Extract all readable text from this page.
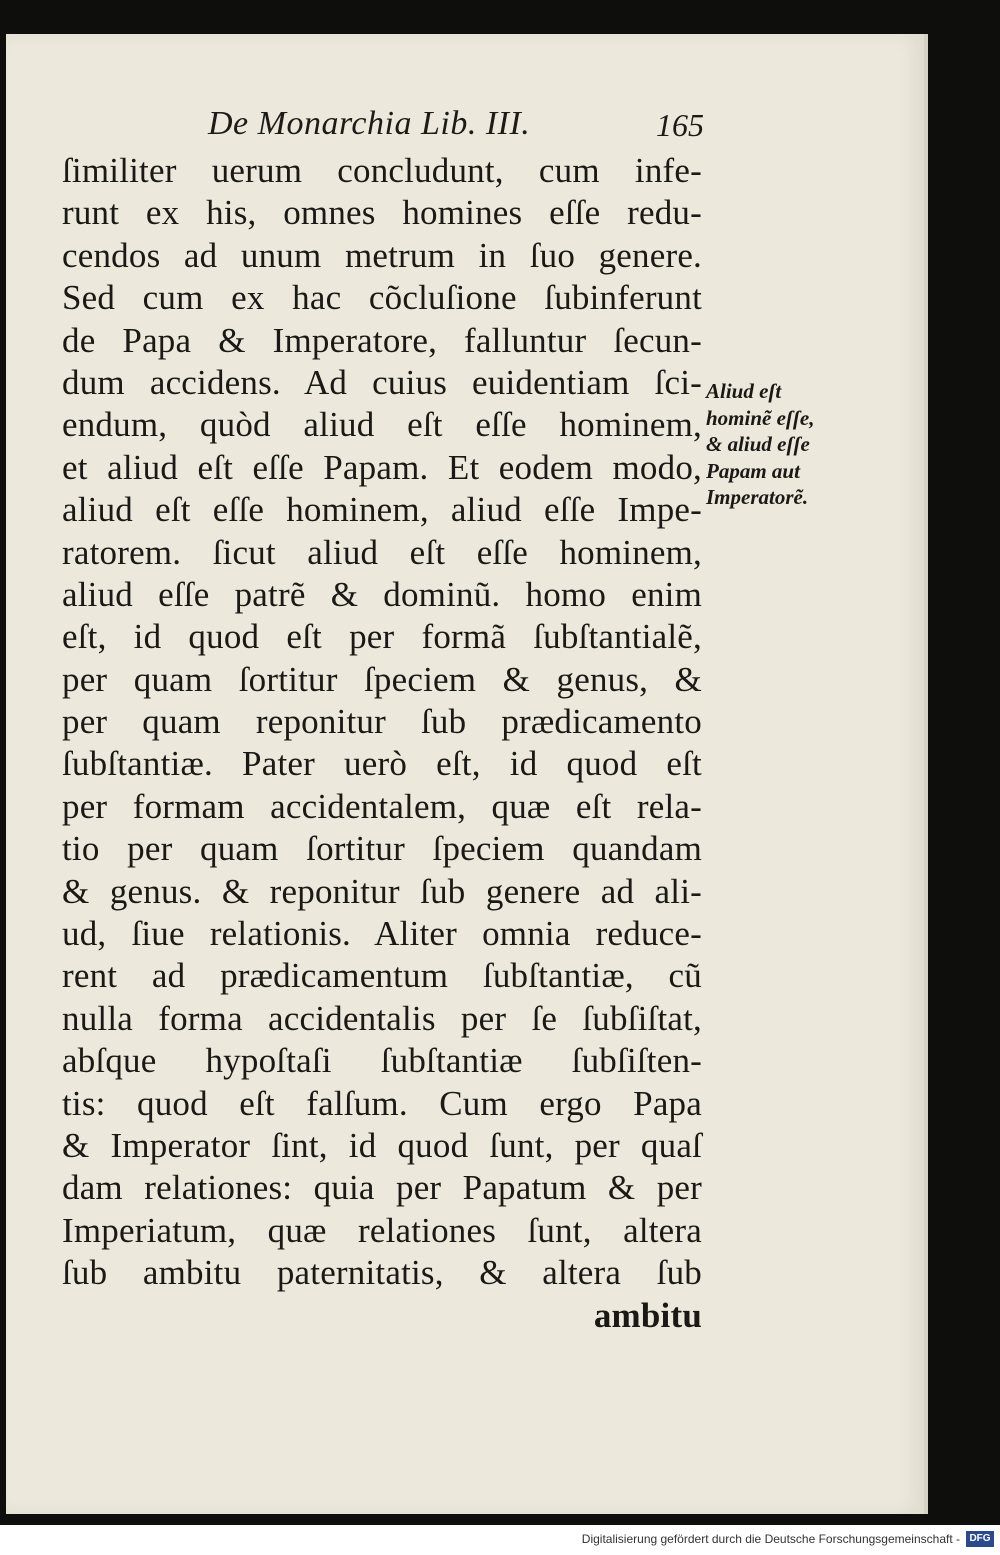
De Monarchia Lib. III.	165
ſimiliter uerum concludunt, cum infe-
runt ex his, omnes homines eſſe redu-
cendos ad unum metrum in ſuo genere.
Sed cum ex hac cõcluſione ſubinferunt
de Papa & Imperatore, falluntur ſecun-
dum accidens. Ad cuius euidentiam ſci-
endum, quòd aliud eſt eſſe hominem,
et aliud eſt eſſe Papam. Et eodem modo,
aliud eſt eſſe hominem, aliud eſſe Impe-
ratorem. ſicut aliud eſt eſſe hominem,
aliud eſſe patrẽ & dominũ. homo enim
eſt, id quod eſt per formã ſubſtantialẽ,
per quam ſortitur ſpeciem & genus, &
per quam reponitur ſub prædicamento
ſubſtantiæ. Pater uerò eſt, id quod eſt
per formam accidentalem, quæ eſt rela-
tio per quam ſortitur ſpeciem quandam
& genus. & reponitur ſub genere ad ali-
ud, ſiue relationis. Aliter omnia reduce-
rent ad prædicamentum ſubſtantiæ, cũ
nulla forma accidentalis per ſe ſubſiſtat,
abſque hypoſtaſi ſubſtantiæ ſubſiſten-
tis: quod eſt falſum. Cum ergo Papa
& Imperator ſint, id quod ſunt, per quaſ
dam relationes: quia per Papatum & per
Imperiatum, quæ relationes ſunt, altera
ſub ambitu paternitatis, & altera ſub
ambitu
Aliud eſt
hominẽ eſſe,
& aliud eſſe
Papam aut
Imperatorẽ.
Digitalisierung gefördert durch die Deutsche Forschungsgemeinschaft - DFG
